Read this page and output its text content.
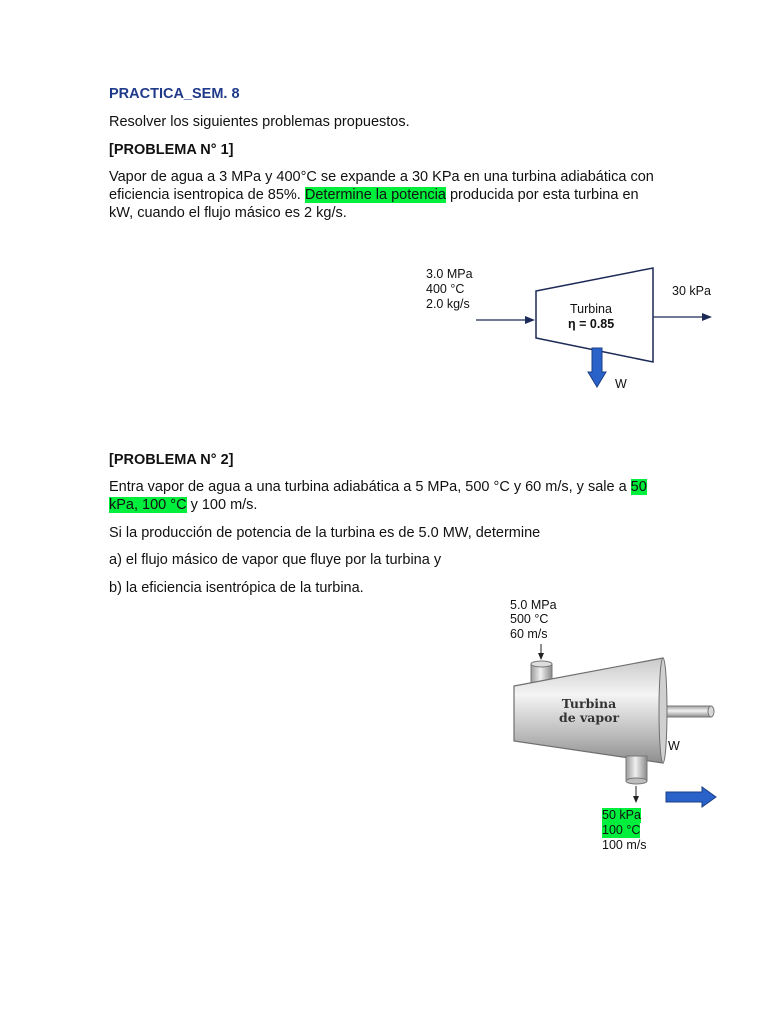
PRACTICA_SEM. 8
Resolver los siguientes problemas propuestos.
[PROBLEMA N° 1]
Vapor de agua a 3 MPa y 400°C se expande a 30 KPa en una turbina adiabática con eficiencia isentropica de 85%. Determine la potencia producida por esta turbina en kW, cuando el flujo másico es 2 kg/s.
3.0 MPa
400 °C
2.0 kg/s
30 kPa
Turbina
η = 0.85
W
[PROBLEMA N° 2]
Entra vapor de agua a una turbina adiabática a 5 MPa, 500 °C y 60 m/s, y sale a 50 kPa, 100 °C y 100 m/s.
Si la producción de potencia de la turbina es de 5.0 MW, determine
a) el flujo másico de vapor que fluye por la turbina y
b) la eficiencia isentrópica de la turbina.
Turbina
de vapor
5.0 MPa
500 °C
60 m/s
W
50 kPa
100 °C
100 m/s
